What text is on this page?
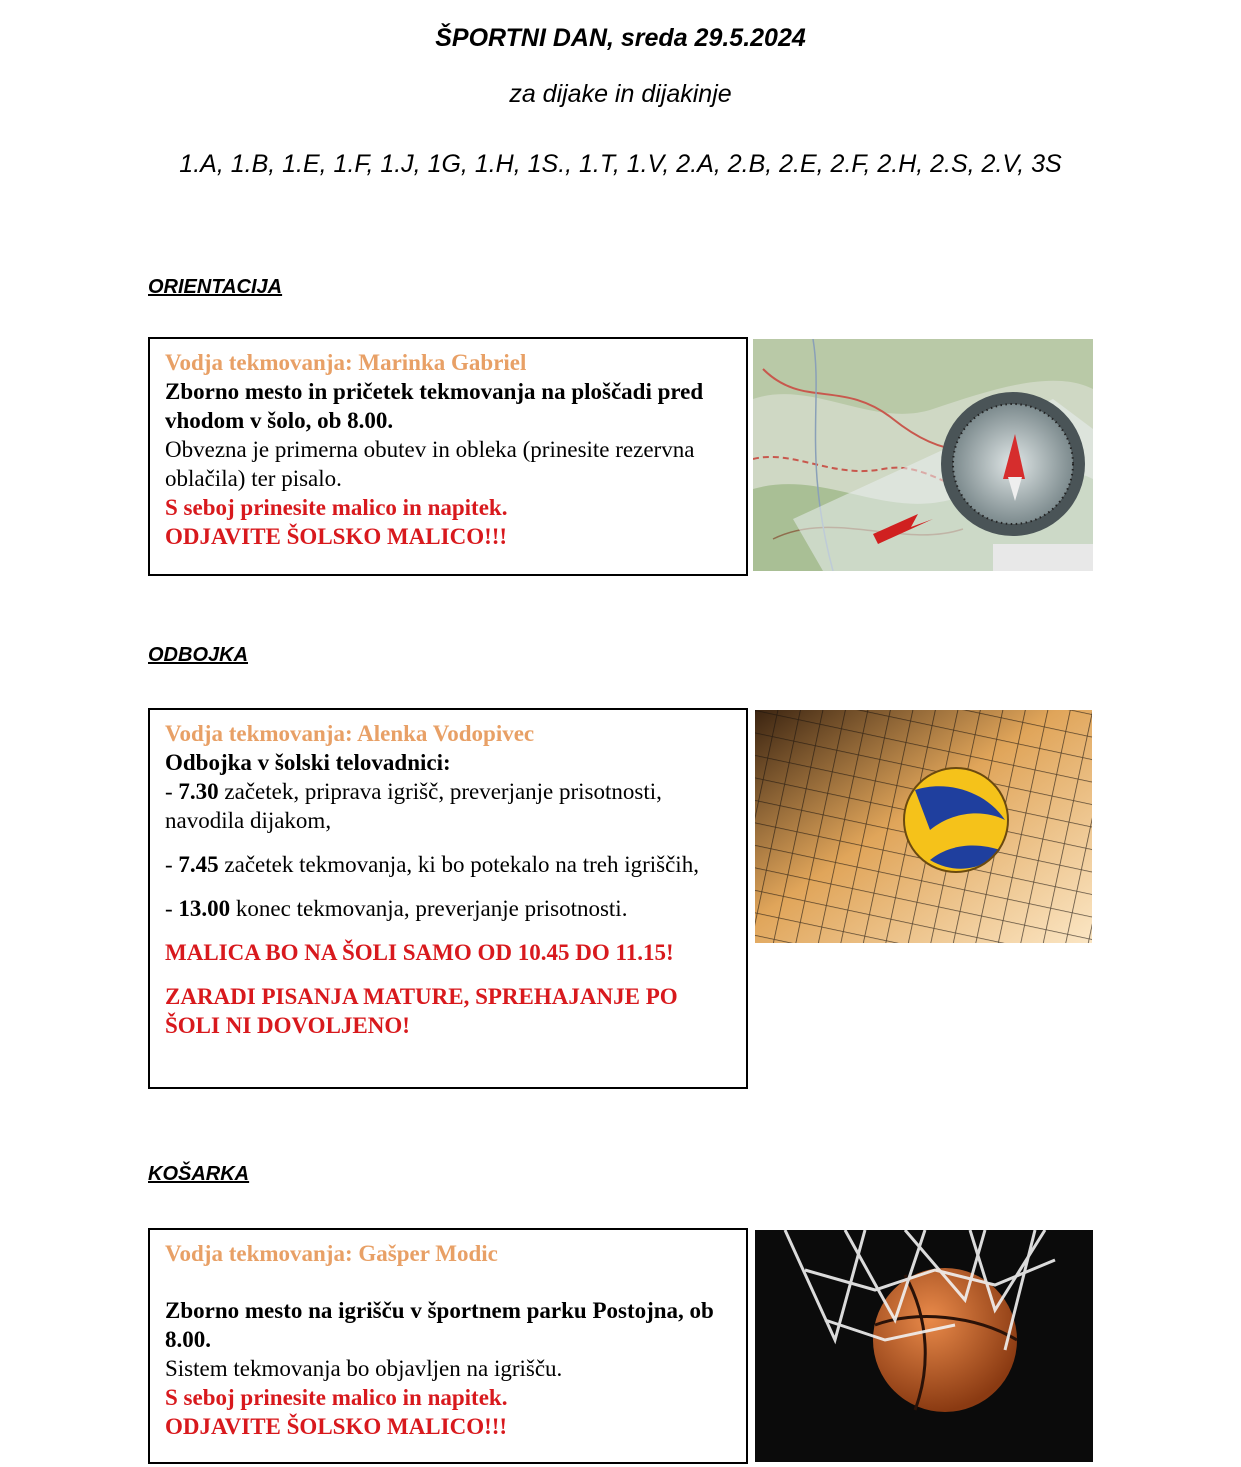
ŠPORTNI DAN, sreda 29.5.2024
za dijake in dijakinje
1.A, 1.B, 1.E, 1.F, 1.J, 1G, 1.H, 1S., 1.T, 1.V, 2.A, 2.B, 2.E, 2.F, 2.H, 2.S, 2.V, 3S
ORIENTACIJA

Vodja tekmovanja: Marinka Gabriel

Zborno mesto in pričetek tekmovanja na ploščadi pred vhodom v šolo, ob 8.00.

Obvezna je primerna obutev in obleka (prinesite rezervna oblačila) ter pisalo.

S seboj prinesite malico in napitek.

ODJAVITE ŠOLSKO MALICO!!!

ODBOJKA

Vodja tekmovanja: Alenka Vodopivec

Odbojka v šolski telovadnici:

- 7.30 začetek, priprava igrišč, preverjanje prisotnosti, navodila dijakom,

- 7.45 začetek tekmovanja, ki bo potekalo na treh igriščih,

- 13.00 konec tekmovanja, preverjanje prisotnosti.

MALICA BO NA ŠOLI SAMO OD 10.45 DO 11.15!

ZARADI PISANJA MATURE, SPREHAJANJE PO ŠOLI NI DOVOLJENO!

KOŠARKA

Vodja tekmovanja: Gašper Modic

Zborno mesto na igrišču v športnem parku Postojna, ob 8.00.

Sistem tekmovanja bo objavljen na igrišču.

S seboj prinesite malico in napitek.

ODJAVITE ŠOLSKO MALICO!!!
